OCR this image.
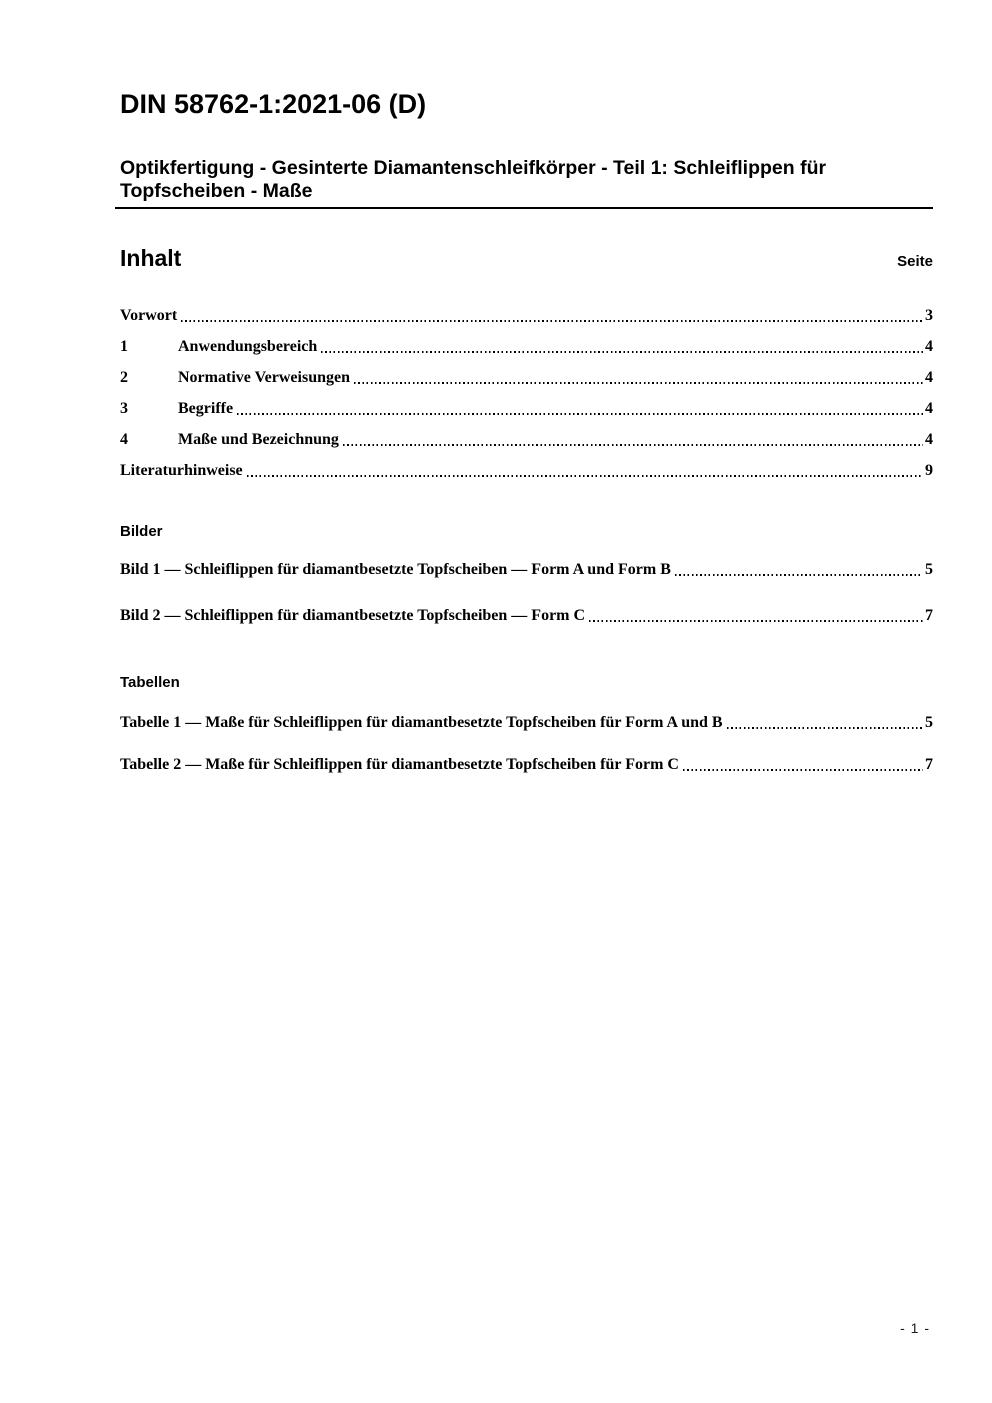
DIN 58762-1:2021-06 (D)
Optikfertigung - Gesinterte Diamantenschleifkörper - Teil 1: Schleiflippen für Topfscheiben - Maße
Inhalt	Seite
Vorwort	3
1	Anwendungsbereich	4
2	Normative Verweisungen	4
3	Begriffe	4
4	Maße und Bezeichnung	4
Literaturhinweise	9
Bilder
Bild 1 — Schleiflippen für diamantbesetzte Topfscheiben — Form A und Form B	5
Bild 2 — Schleiflippen für diamantbesetzte Topfscheiben — Form C	7
Tabellen
Tabelle 1 — Maße für Schleiflippen für diamantbesetzte Topfscheiben für Form A und B	5
Tabelle 2 — Maße für Schleiflippen für diamantbesetzte Topfscheiben für Form C	7
- 1 -
